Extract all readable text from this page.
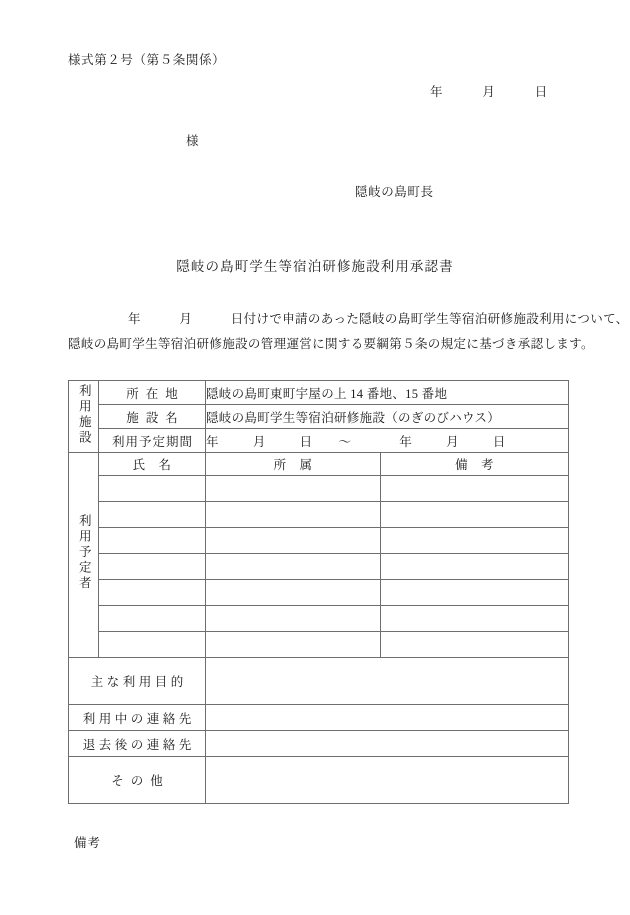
様式第２号（第５条関係）
年　　　月　　　日
様
隠岐の島町長
隠岐の島町学生等宿泊研修施設利用承認書
年　　　月　　　日付けで申請のあった隠岐の島町学生等宿泊研修施設利用について、
隠岐の島町学生等宿泊研修施設の管理運営に関する要綱第５条の規定に基づき承認します。
利用施設	所在地	隠岐の島町東町宇屋の上 14 番地、15 番地	
	施設名	隠岐の島町学生等宿泊研修施設（のぎのびハウス）	
	利用予定期間	年 月 日 ～ 年 月 日	
利用予定者	氏　名	所　属	備　考

主な利用目的			
利用中の連絡先			
退去後の連絡先			
その他			
備考
